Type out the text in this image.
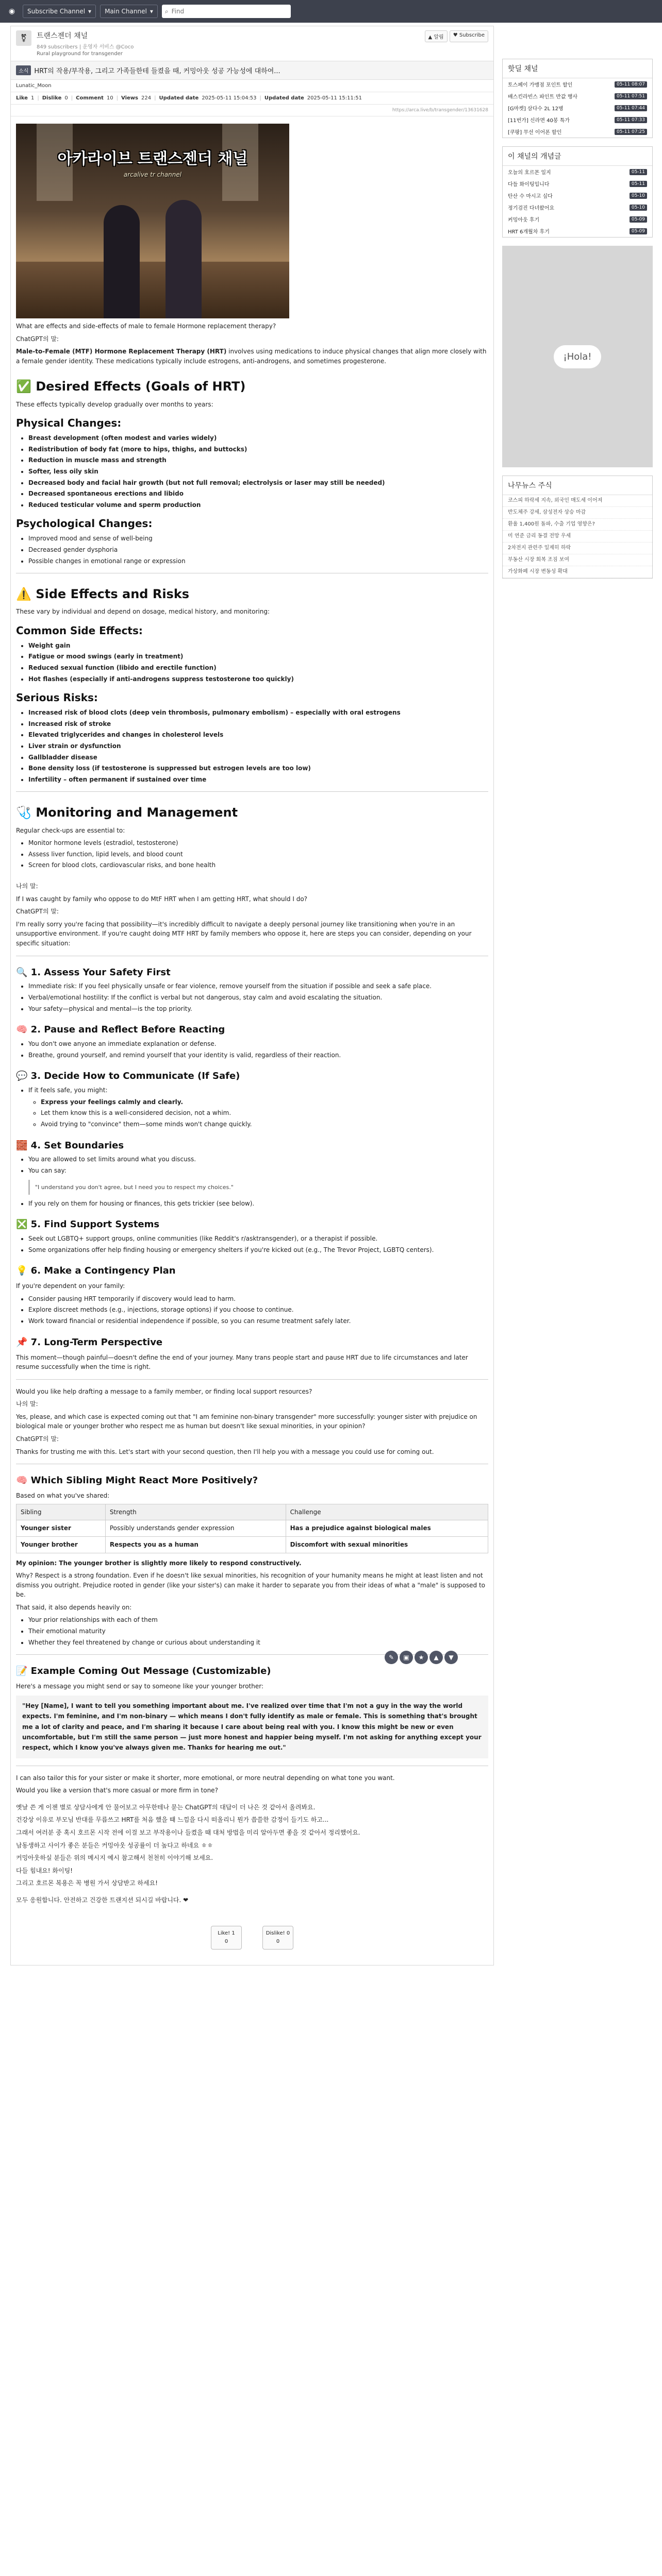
◉	Subscribe Channel ▾ Main Channel ▾ ⌕
Find
⚧	트랜스젠더 채널
849 subscribers | 운영자 서비스 @Coco
Rural playground for transgender
▲ 알림	♥ Subscribe
소식 HRT의 작용/부작용, 그리고 가족들한테 들켰을 때, 커밍아웃 성공 가능성에 대하여...
Lunatic_Moon
Like 1 | Dislike 0 | Comment 10 | Views 224 | Updated date 2025-05-11 15:04:53 | Updated date 2025-05-11 15:11:51
https://arca.live/b/transgender/13631628
아카라이브 트랜스젠더 채널
arcalive tr channel

What are effects and side-effects of male to female Hormone replacement therapy?

ChatGPT의 말:

Male-to-Female (MTF) Hormone Replacement Therapy (HRT) involves using medications to induce physical changes that align more closely with a female gender identity. These medications typically include estrogens, anti-androgens, and sometimes progesterone.

✅ Desired Effects (Goals of HRT)

These effects typically develop gradually over months to years:

Physical Changes:
• Breast development (often modest and varies widely)
• Redistribution of body fat (more to hips, thighs, and buttocks)
• Reduction in muscle mass and strength
• Softer, less oily skin
• Decreased body and facial hair growth (but not full removal; electrolysis or laser may still be needed)
• Decreased spontaneous erections and libido
• Reduced testicular volume and sperm production
Psychological Changes:
• Improved mood and sense of well-being
• Decreased gender dysphoria
• Possible changes in emotional range or expression
⚠️ Side Effects and Risks

These vary by individual and depend on dosage, medical history, and monitoring:

Common Side Effects:
• Weight gain
• Fatigue or mood swings (early in treatment)
• Reduced sexual function (libido and erectile function)
• Hot flashes (especially if anti-androgens suppress testosterone too quickly)
Serious Risks:
• Increased risk of blood clots (deep vein thrombosis, pulmonary embolism) – especially with oral estrogens
• Increased risk of stroke
• Elevated triglycerides and changes in cholesterol levels
• Liver strain or dysfunction
• Gallbladder disease
• Bone density loss (if testosterone is suppressed but estrogen levels are too low)
• Infertility – often permanent if sustained over time
🩺 Monitoring and Management

Regular check-ups are essential to:

• Monitor hormone levels (estradiol, testosterone)
• Assess liver function, lipid levels, and blood count
• Screen for blood clots, cardiovascular risks, and bone health

나의 말:

If I was caught by family who oppose to do MtF HRT when I am getting HRT, what should I do?

ChatGPT의 말:

I'm really sorry you're facing that possibility—it's incredibly difficult to navigate a deeply personal journey like transitioning when you're in an unsupportive environment. If you're caught doing MTF HRT by family members who oppose it, here are steps you can consider, depending on your specific situation:

🔍 1. Assess Your Safety First
• Immediate risk: If you feel physically unsafe or fear violence, remove yourself from the situation if possible and seek a safe place.
• Verbal/emotional hostility: If the conflict is verbal but not dangerous, stay calm and avoid escalating the situation.
• Your safety—physical and mental—is the top priority.
🧠 2. Pause and Reflect Before Reacting
• You don't owe anyone an immediate explanation or defense.
• Breathe, ground yourself, and remind yourself that your identity is valid, regardless of their reaction.
💬 3. Decide How to Communicate (If Safe)
• If it feels safe, you might:
◦ Express your feelings calmly and clearly.
◦ Let them know this is a well-considered decision, not a whim.
◦ Avoid trying to "convince" them—some minds won't change quickly.
🧱 4. Set Boundaries
• You are allowed to set limits around what you discuss.
• You can say:
"I understand you don't agree, but I need you to respect my choices."
• If you rely on them for housing or finances, this gets trickier (see below).
❎ 5. Find Support Systems
• Seek out LGBTQ+ support groups, online communities (like Reddit's r/asktransgender), or a therapist if possible.
• Some organizations offer help finding housing or emergency shelters if you're kicked out (e.g., The Trevor Project, LGBTQ centers).
💡 6. Make a Contingency Plan

If you're dependent on your family:

• Consider pausing HRT temporarily if discovery would lead to harm.
• Explore discreet methods (e.g., injections, storage options) if you choose to continue.
• Work toward financial or residential independence if possible, so you can resume treatment safely later.
📌 7. Long-Term Perspective

This moment—though painful—doesn't define the end of your journey. Many trans people start and pause HRT due to life circumstances and later resume successfully when the time is right.

Would you like help drafting a message to a family member, or finding local support resources?

나의 말:

Yes, please, and which case is expected coming out that "I am feminine non-binary transgender" more successfully: younger sister with prejudice on biological male or younger brother who respect me as human but doesn't like sexual minorities, in your opinion?

ChatGPT의 말:

Thanks for trusting me with this. Let's start with your second question, then I'll help you with a message you could use for coming out.

🧠 Which Sibling Might React More Positively?

Based on what you've shared:

Sibling	Strength	Challenge
Younger sister	Possibly understands gender expression	Has a prejudice against biological males
Younger brother	Respects you as a human	Discomfort with sexual minorities

My opinion: The younger brother is slightly more likely to respond constructively.

Why? Respect is a strong foundation. Even if he doesn't like sexual minorities, his recognition of your humanity means he might at least listen and not dismiss you outright. Prejudice rooted in gender (like your sister's) can make it harder to separate you from their ideas of what a "male" is supposed to be.

That said, it also depends heavily on:

• Your prior relationships with each of them
• Their emotional maturity
• Whether they feel threatened by change or curious about understanding it
📝 Example Coming Out Message (Customizable)

Here's a message you might send or say to someone like your younger brother:

"Hey [Name], I want to tell you something important about me. I've realized over time that I'm not a guy in the way the world expects. I'm feminine, and I'm non-binary — which means I don't fully identify as male or female. This is something that's brought me a lot of clarity and peace, and I'm sharing it because I care about being real with you. I know this might be new or even uncomfortable, but I'm still the same person — just more honest and happier being myself. I'm not asking for anything except your respect, which I know you've always given me. Thanks for hearing me out."

I can also tailor this for your sister or make it shorter, more emotional, or more neutral depending on what tone you want.

Would you like a version that's more casual or more firm in tone?

옛날 쓴 게 이젠 별로 상담사에게 안 물어보고 아무한테나 묻는 ChatGPT의 대답이 더 나은 것 같아서 올려봐요.

건강상 이유로 부모님 반대를 무릅쓰고 HRT를 처음 했을 때 느낌을 다시 떠올리니 뭔가 씁쓸한 감정이 들기도 하고...

그래서 여러분 중 혹시 호르몬 시작 전에 이걸 보고 부작용이나 들켰을 때 대처 방법을 미리 알아두면 좋을 것 같아서 정리했어요.

남동생하고 사이가 좋은 분들은 커밍아웃 성공률이 더 높다고 하네요 ㅎㅎ

커밍아웃하실 분들은 위의 메시지 예시 참고해서 천천히 이야기해 보세요.

다들 힘내요! 화이팅!

그리고 호르몬 복용은 꼭 병원 가서 상담받고 하세요!

모두 응원합니다. 안전하고 건강한 트랜지션 되시길 바랍니다. ❤

Like! 1
0
Dislike! 0
0
✎	▣	★	▲	▼
핫딜 채널
토스페이 가맹점 포인트 할인	05-11 08:07
배스킨라빈스 파인트 반값 행사	05-11 07:51
[G마켓] 삼다수 2L 12병	05-11 07:44
[11번가] 신라면 40봉 특가	05-11 07:33
[쿠팡] 무선 이어폰 할인	05-11 07:25
이 채널의 개념글
오늘의 호르몬 일지	05-11
다들 화이팅입니다	05-11
탄산 수 마시고 싶다	05-10
정기검진 다녀왔어요	05-10
커밍아웃 후기	05-09
HRT 6개월차 후기	05-09
¡Hola!
나무뉴스 주식
코스피 하락세 지속, 외국인 매도세 이어져
반도체주 강세, 삼성전자 상승 마감
환율 1,400원 돌파, 수출 기업 영향은?
미 연준 금리 동결 전망 우세
2차전지 관련주 일제히 하락
부동산 시장 회복 조짐 보여
가상화폐 시장 변동성 확대
